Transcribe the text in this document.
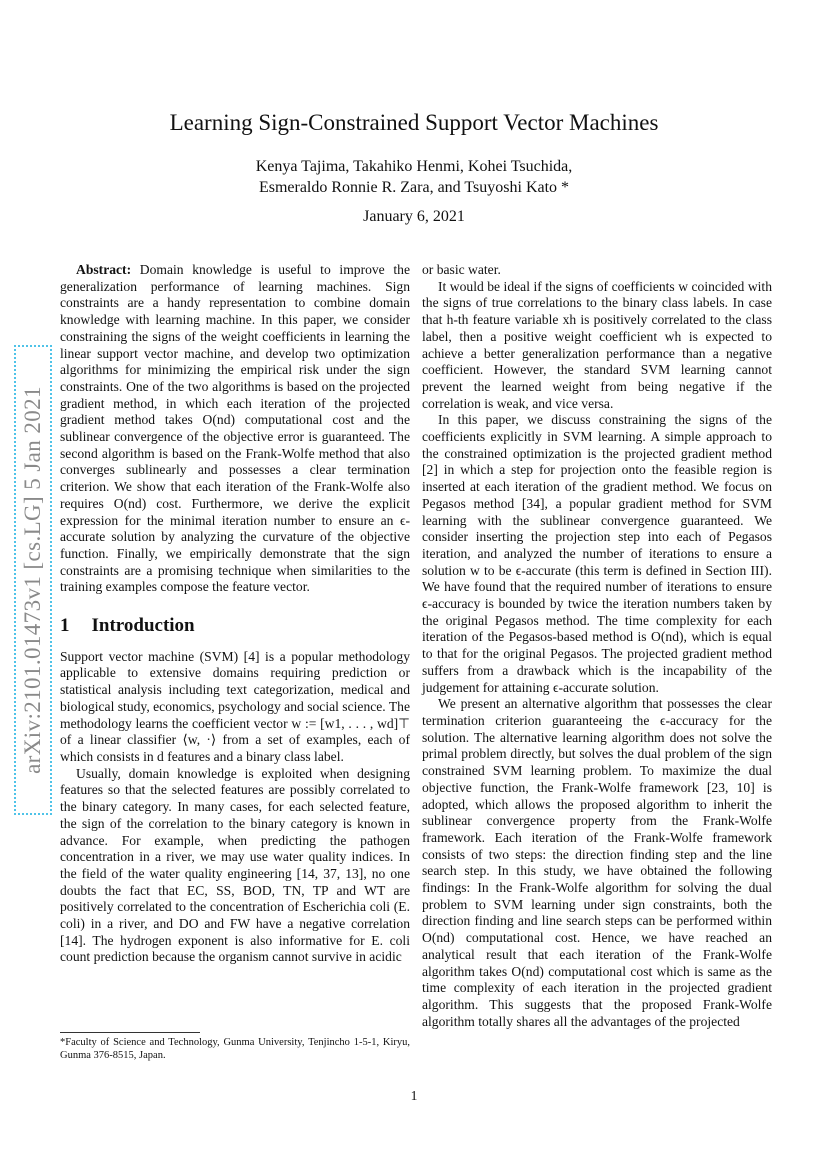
arXiv:2101.01473v1 [cs.LG] 5 Jan 2021
Learning Sign-Constrained Support Vector Machines
Kenya Tajima, Takahiko Henmi, Kohei Tsuchida,
Esmeraldo Ronnie R. Zara, and Tsuyoshi Kato *
January 6, 2021

Abstract: Domain knowledge is useful to improve the generalization performance of learning machines. Sign constraints are a handy representation to combine domain knowledge with learning machine. In this paper, we consider constraining the signs of the weight coefficients in learning the linear support vector machine, and develop two optimization algorithms for minimizing the empirical risk under the sign constraints. One of the two algorithms is based on the projected gradient method, in which each iteration of the projected gradient method takes O(nd) computational cost and the sublinear convergence of the objective error is guaranteed. The second algorithm is based on the Frank-Wolfe method that also converges sublinearly and possesses a clear termination criterion. We show that each iteration of the Frank-Wolfe also requires O(nd) cost. Furthermore, we derive the explicit expression for the minimal iteration number to ensure an ϵ-accurate solution by analyzing the curvature of the objective function. Finally, we empirically demonstrate that the sign constraints are a promising technique when similarities to the training examples compose the feature vector.

1 Introduction

Support vector machine (SVM) [4] is a popular methodology applicable to extensive domains requiring prediction or statistical analysis including text categorization, medical and biological study, economics, psychology and social science. The methodology learns the coefficient vector w := [w1, . . . , wd]⊤ of a linear classifier ⟨w, ·⟩ from a set of examples, each of which consists in d features and a binary class label.

Usually, domain knowledge is exploited when designing features so that the selected features are possibly correlated to the binary category. In many cases, for each selected feature, the sign of the correlation to the binary category is known in advance. For example, when predicting the pathogen concentration in a river, we may use water quality indices. In the field of the water quality engineering [14, 37, 13], no one doubts the fact that EC, SS, BOD, TN, TP and WT are positively correlated to the concentration of Escherichia coli (E. coli) in a river, and DO and FW have a negative correlation [14]. The hydrogen exponent is also informative for E. coli count prediction because the organism cannot survive in acidic

or basic water.

It would be ideal if the signs of coefficients w coincided with the signs of true correlations to the binary class labels. In case that h-th feature variable xh is positively correlated to the class label, then a positive weight coefficient wh is expected to achieve a better generalization performance than a negative coefficient. However, the standard SVM learning cannot prevent the learned weight from being negative if the correlation is weak, and vice versa.

In this paper, we discuss constraining the signs of the coefficients explicitly in SVM learning. A simple approach to the constrained optimization is the projected gradient method [2] in which a step for projection onto the feasible region is inserted at each iteration of the gradient method. We focus on Pegasos method [34], a popular gradient method for SVM learning with the sublinear convergence guaranteed. We consider inserting the projection step into each of Pegasos iteration, and analyzed the number of iterations to ensure a solution w to be ϵ-accurate (this term is defined in Section III). We have found that the required number of iterations to ensure ϵ-accuracy is bounded by twice the iteration numbers taken by the original Pegasos method. The time complexity for each iteration of the Pegasos-based method is O(nd), which is equal to that for the original Pegasos. The projected gradient method suffers from a drawback which is the incapability of the judgement for attaining ϵ-accurate solution.

We present an alternative algorithm that possesses the clear termination criterion guaranteeing the ϵ-accuracy for the solution. The alternative learning algorithm does not solve the primal problem directly, but solves the dual problem of the sign constrained SVM learning problem. To maximize the dual objective function, the Frank-Wolfe framework [23, 10] is adopted, which allows the proposed algorithm to inherit the sublinear convergence property from the Frank-Wolfe framework. Each iteration of the Frank-Wolfe framework consists of two steps: the direction finding step and the line search step. In this study, we have obtained the following findings: In the Frank-Wolfe algorithm for solving the dual problem to SVM learning under sign constraints, both the direction finding and line search steps can be performed within O(nd) computational cost. Hence, we have reached an analytical result that each iteration of the Frank-Wolfe algorithm takes O(nd) computational cost which is same as the time complexity of each iteration in the projected gradient algorithm. This suggests that the proposed Frank-Wolfe algorithm totally shares all the advantages of the projected

*Faculty of Science and Technology, Gunma University, Tenjincho 1-5-1, Kiryu, Gunma 376-8515, Japan.
1
